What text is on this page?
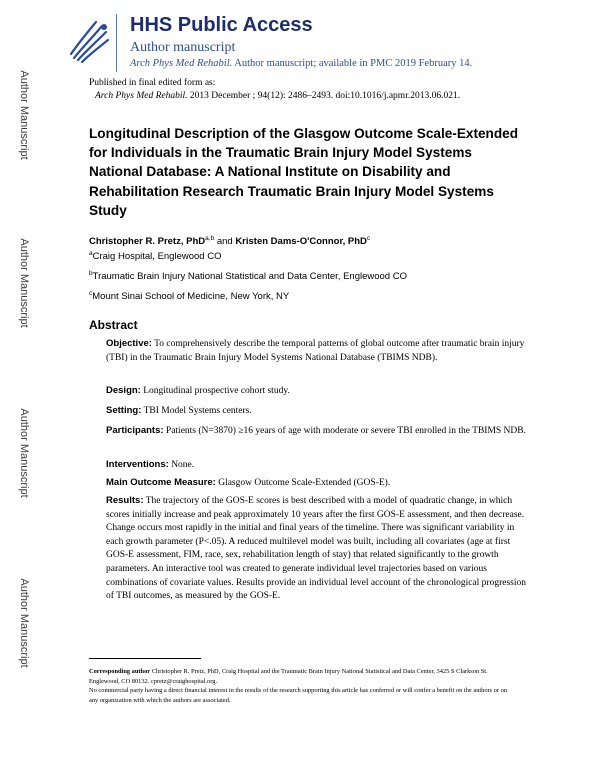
Author Manuscript
Author Manuscript
Author Manuscript
Author Manuscript
HHS Public Access
Author manuscript
Arch Phys Med Rehabil. Author manuscript; available in PMC 2019 February 14.
Published in final edited form as:
Arch Phys Med Rehabil. 2013 December ; 94(12): 2486–2493. doi:10.1016/j.apmr.2013.06.021.
Longitudinal Description of the Glasgow Outcome Scale-Extended for Individuals in the Traumatic Brain Injury Model Systems National Database: A National Institute on Disability and Rehabilitation Research Traumatic Brain Injury Model Systems Study
Christopher R. Pretz, PhD$^{a,b}$ and Kristen Dams-O'Connor, PhD$^c$
$^a$Craig Hospital, Englewood CO
$^b$Traumatic Brain Injury National Statistical and Data Center, Englewood CO
$^c$Mount Sinai School of Medicine, New York, NY
Abstract
Objective: To comprehensively describe the temporal patterns of global outcome after traumatic brain injury (TBI) in the Traumatic Brain Injury Model Systems National Database (TBIMS NDB).
Design: Longitudinal prospective cohort study.
Setting: TBI Model Systems centers.
Participants: Patients (N=3870) ≥16 years of age with moderate or severe TBI enrolled in the TBIMS NDB.
Interventions: None.
Main Outcome Measure: Glasgow Outcome Scale-Extended (GOS-E).
Results: The trajectory of the GOS-E scores is best described with a model of quadratic change, in which scores initially increase and peak approximately 10 years after the first GOS-E assessment, and then decrease. Change occurs most rapidly in the initial and final years of the timeline. There was significant variability in each growth parameter (P<.05). A reduced multilevel model was built, including all covariates (age at first GOS-E assessment, FIM, race, sex, rehabilitation length of stay) that related significantly to the growth parameters. An interactive tool was created to generate individual level trajectories based on various combinations of covariate values. Results provide an individual level account of the chronological progression of TBI outcomes, as measured by the GOS-E.
Corresponding author Christopher R. Pretz, PhD, Craig Hospital and the Traumatic Brain Injury National Statistical and Data Center, 3425 S Clarkson St. Englewood, CO 80132. cpretz@craighospital.org.
No commercial party having a direct financial interest in the results of the research supporting this article has conferred or will confer a benefit on the authors or on any organization with which the authors are associated.
